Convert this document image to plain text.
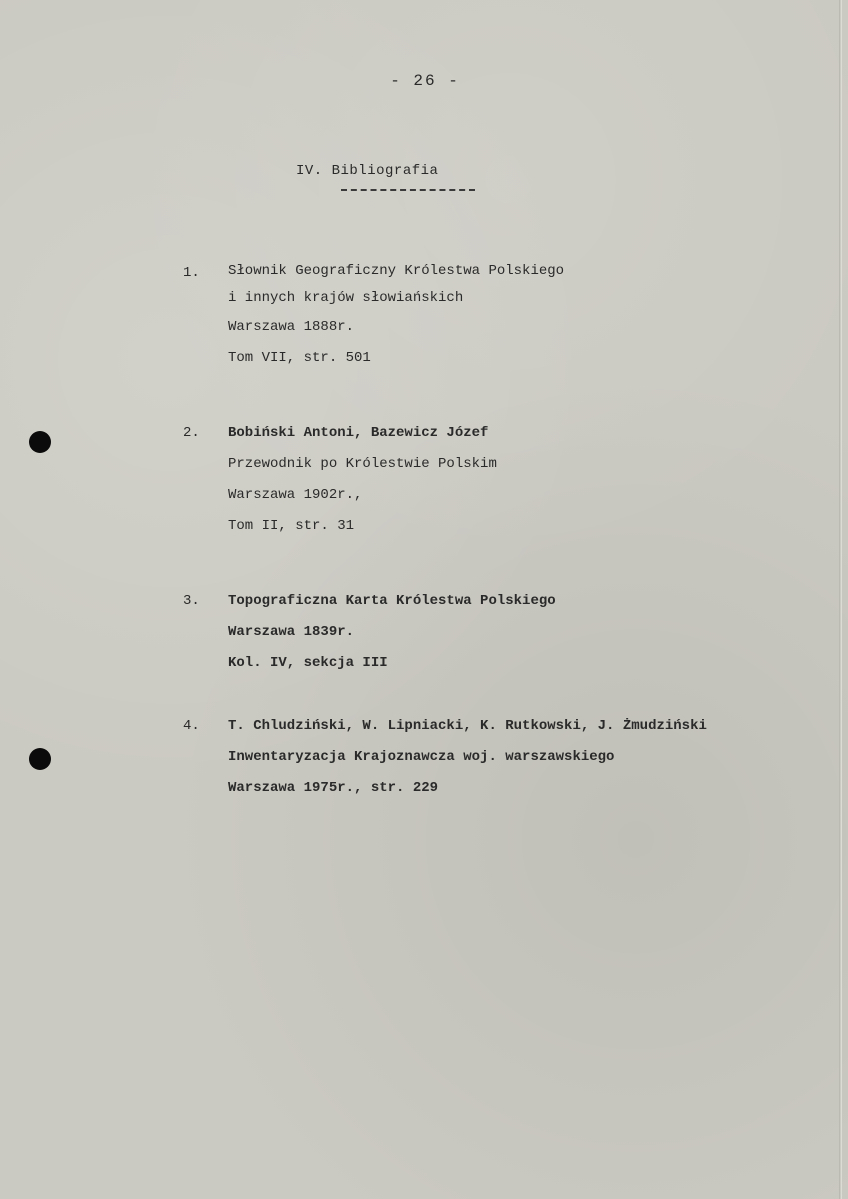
- 26 -
IV. Bibliografia
1.	Słownik Geograficzny Królestwa Polskiego
i innych krajów słowiańskich
Warszawa 1888r.
Tom VII, str. 501
2.	Bobiński Antoni, Bazewicz Józef
Przewodnik po Królestwie Polskim
Warszawa 1902r.,
Tom II, str. 31
3.	Topograficzna Karta Królestwa Polskiego
Warszawa 1839r.
Kol. IV, sekcja III
4.	T. Chludziński, W. Lipniacki, K. Rutkowski, J. Żmudziński
Inwentaryzacja Krajoznawcza woj. warszawskiego
Warszawa 1975r., str. 229
